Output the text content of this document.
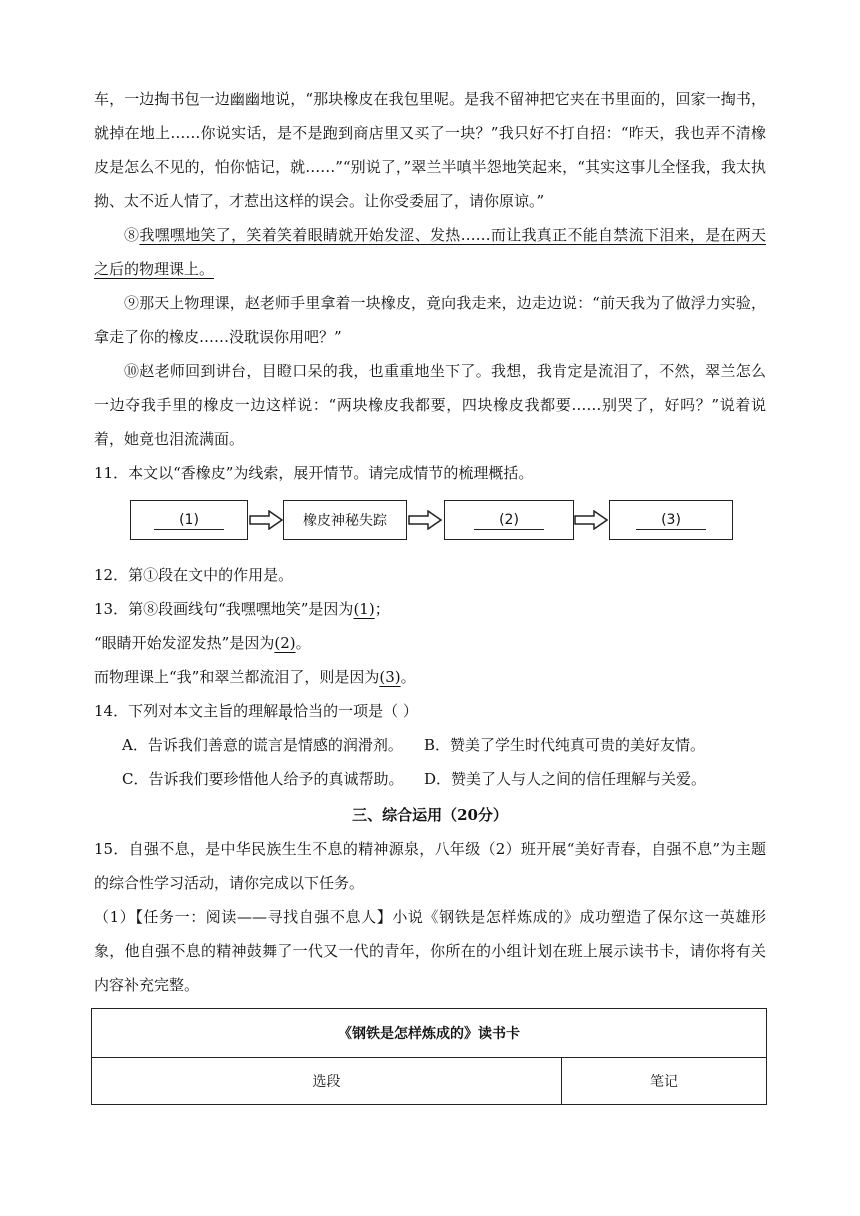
车，一边掏书包一边幽幽地说，“那块橡皮在我包里呢。是我不留神把它夹在书里面的，回家一掏书，就掉在地上……你说实话，是不是跑到商店里又买了一块？”我只好不打自招：“昨天，我也弄不清橡皮是怎么不见的，怕你惦记，就……”“别说了，”翠兰半嗔半怨地笑起来，“其实这事儿全怪我，我太执拗、太不近人情了，才惹出这样的误会。让你受委屈了，请你原谅。”

⑧我嘿嘿地笑了，笑着笑着眼睛就开始发涩、发热……而让我真正不能自禁流下泪来，是在两天之后的物理课上。

⑨那天上物理课，赵老师手里拿着一块橡皮，竟向我走来，边走边说：“前天我为了做浮力实验，拿走了你的橡皮……没耽误你用吧？”

⑩赵老师回到讲台，目瞪口呆的我，也重重地坐下了。我想，我肯定是流泪了，不然，翠兰怎么一边夺我手里的橡皮一边这样说：“两块橡皮我都要，四块橡皮我都要……别哭了，好吗？”说着说着，她竟也泪流满面。

11．本文以“香橡皮”为线索，展开情节。请完成情节的梳理概括。

(1)	橡皮神秘失踪	(2)	(3)

12．第①段在文中的作用是。

13．第⑧段画线句“我嘿嘿地笑”是因为(1)；

“眼睛开始发涩发热”是因为(2)。

而物理课上“我”和翠兰都流泪了，则是因为(3)。

14．下列对本文主旨的理解最恰当的一项是（ ）

A．告诉我们善意的谎言是情感的润滑剂。 B．赞美了学生时代纯真可贵的美好友情。

C．告诉我们要珍惜他人给予的真诚帮助。 D．赞美了人与人之间的信任理解与关爱。

三、综合运用（20分）

15．自强不息，是中华民族生生不息的精神源泉，八年级（2）班开展“美好青春，自强不息”为主题的综合性学习活动，请你完成以下任务。

（1）【任务一：阅读——寻找自强不息人】小说《钢铁是怎样炼成的》成功塑造了保尔这一英雄形象，他自强不息的精神鼓舞了一代又一代的青年，你所在的小组计划在班上展示读书卡，请你将有关内容补充完整。

《钢铁是怎样炼成的》读书卡
选段	笔记
